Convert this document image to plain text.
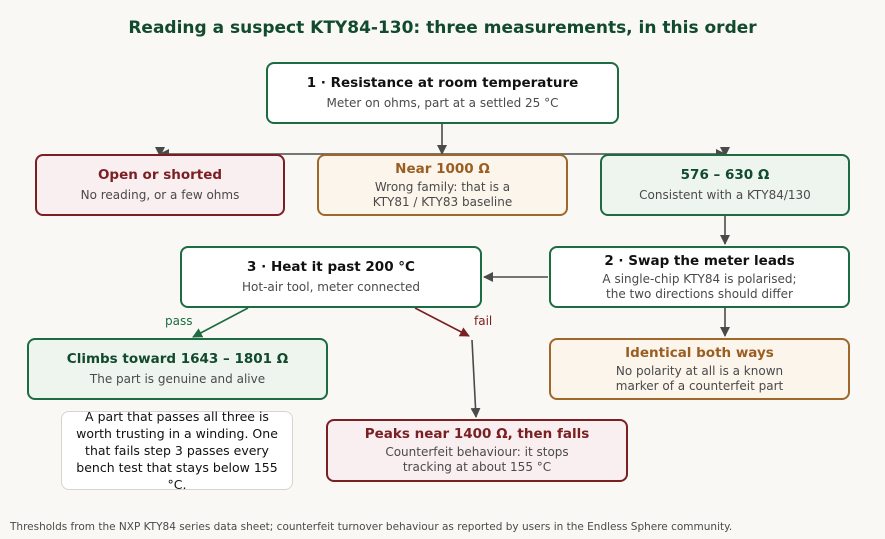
Reading a suspect KTY84-130: three measurements, in this order
1 · Resistance at room temperature
Meter on ohms, part at a settled 25 °C
Open or shorted
No reading, or a few ohms
Near 1000 Ω
Wrong family: that is a
KTY81 / KTY83 baseline
576 – 630 Ω
Consistent with a KTY84/130
3 · Heat it past 200 °C
Hot-air tool, meter connected
2 · Swap the meter leads
A single-chip KTY84 is polarised;
the two directions should differ
pass	fail
Climbs toward 1643 – 1801 Ω
The part is genuine and alive
Identical both ways
No polarity at all is a known
marker of a counterfeit part
A part that passes all three is worth trusting in a winding. One that fails step 3 passes every bench test that stays below 155 °C.
Peaks near 1400 Ω, then falls
Counterfeit behaviour: it stops
tracking at about 155 °C
Thresholds from the NXP KTY84 series data sheet; counterfeit turnover behaviour as reported by users in the Endless Sphere community.
